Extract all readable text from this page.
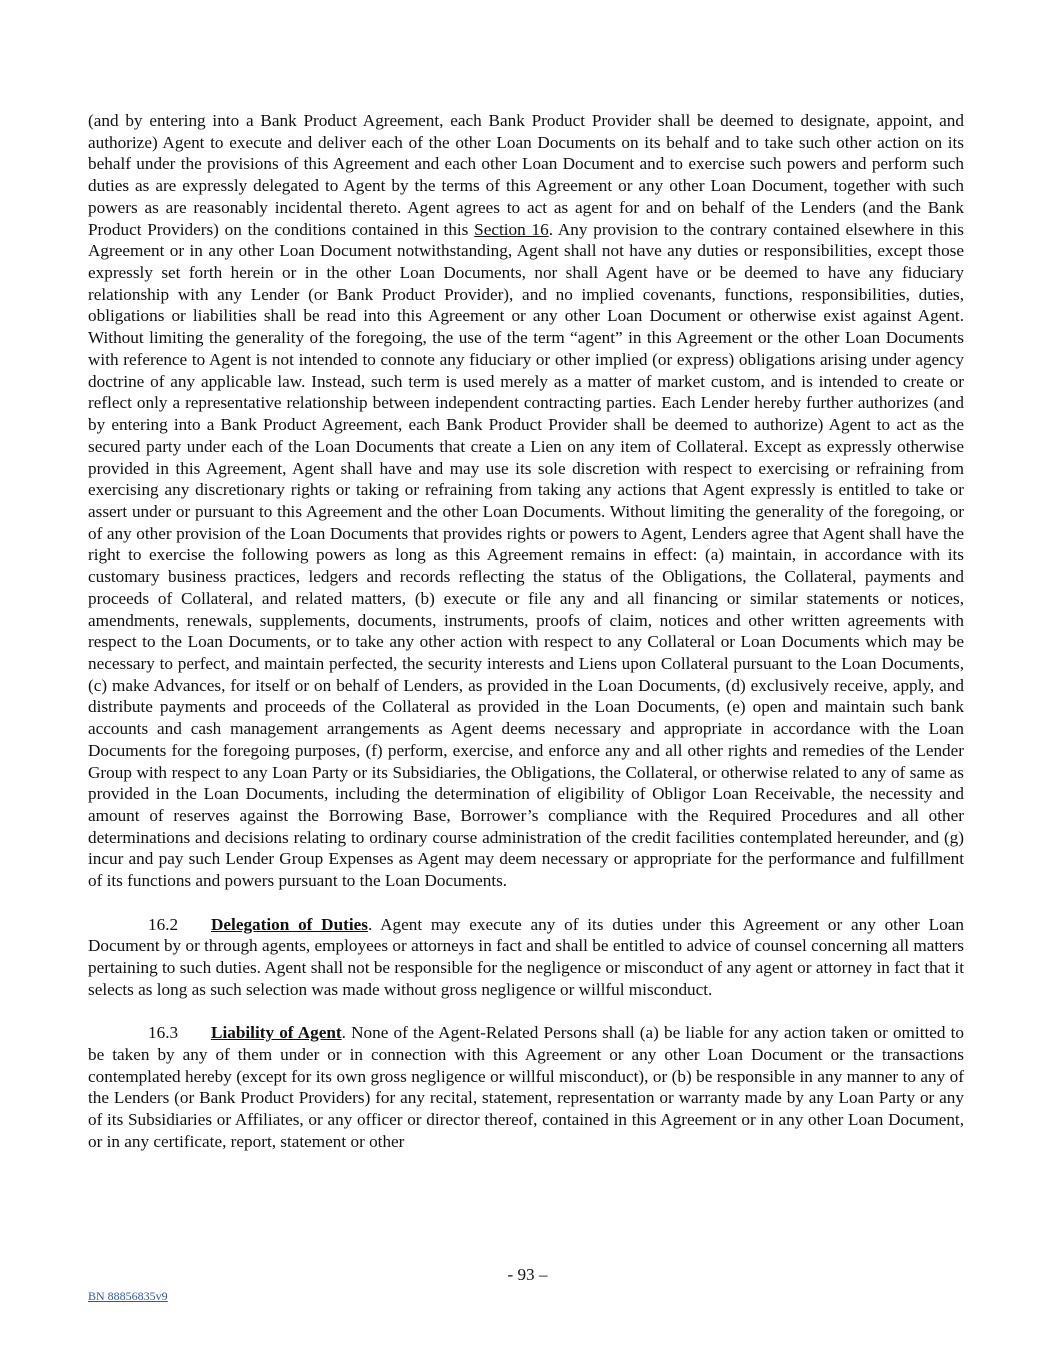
(and by entering into a Bank Product Agreement, each Bank Product Provider shall be deemed to designate, appoint, and authorize) Agent to execute and deliver each of the other Loan Documents on its behalf and to take such other action on its behalf under the provisions of this Agreement and each other Loan Document and to exercise such powers and perform such duties as are expressly delegated to Agent by the terms of this Agreement or any other Loan Document, together with such powers as are reasonably incidental thereto. Agent agrees to act as agent for and on behalf of the Lenders (and the Bank Product Providers) on the conditions contained in this Section 16. Any provision to the contrary contained elsewhere in this Agreement or in any other Loan Document notwithstanding, Agent shall not have any duties or responsibilities, except those expressly set forth herein or in the other Loan Documents, nor shall Agent have or be deemed to have any fiduciary relationship with any Lender (or Bank Product Provider), and no implied covenants, functions, responsibilities, duties, obligations or liabilities shall be read into this Agreement or any other Loan Document or otherwise exist against Agent. Without limiting the generality of the foregoing, the use of the term “agent” in this Agreement or the other Loan Documents with reference to Agent is not intended to connote any fiduciary or other implied (or express) obligations arising under agency doctrine of any applicable law. Instead, such term is used merely as a matter of market custom, and is intended to create or reflect only a representative relationship between independent contracting parties. Each Lender hereby further authorizes (and by entering into a Bank Product Agreement, each Bank Product Provider shall be deemed to authorize) Agent to act as the secured party under each of the Loan Documents that create a Lien on any item of Collateral. Except as expressly otherwise provided in this Agreement, Agent shall have and may use its sole discretion with respect to exercising or refraining from exercising any discretionary rights or taking or refraining from taking any actions that Agent expressly is entitled to take or assert under or pursuant to this Agreement and the other Loan Documents. Without limiting the generality of the foregoing, or of any other provision of the Loan Documents that provides rights or powers to Agent, Lenders agree that Agent shall have the right to exercise the following powers as long as this Agreement remains in effect: (a) maintain, in accordance with its customary business practices, ledgers and records reflecting the status of the Obligations, the Collateral, payments and proceeds of Collateral, and related matters, (b) execute or file any and all financing or similar statements or notices, amendments, renewals, supplements, documents, instruments, proofs of claim, notices and other written agreements with respect to the Loan Documents, or to take any other action with respect to any Collateral or Loan Documents which may be necessary to perfect, and maintain perfected, the security interests and Liens upon Collateral pursuant to the Loan Documents, (c) make Advances, for itself or on behalf of Lenders, as provided in the Loan Documents, (d) exclusively receive, apply, and distribute payments and proceeds of the Collateral as provided in the Loan Documents, (e) open and maintain such bank accounts and cash management arrangements as Agent deems necessary and appropriate in accordance with the Loan Documents for the foregoing purposes, (f) perform, exercise, and enforce any and all other rights and remedies of the Lender Group with respect to any Loan Party or its Subsidiaries, the Obligations, the Collateral, or otherwise related to any of same as provided in the Loan Documents, including the determination of eligibility of Obligor Loan Receivable, the necessity and amount of reserves against the Borrowing Base, Borrower’s compliance with the Required Procedures and all other determinations and decisions relating to ordinary course administration of the credit facilities contemplated hereunder, and (g) incur and pay such Lender Group Expenses as Agent may deem necessary or appropriate for the performance and fulfillment of its functions and powers pursuant to the Loan Documents.

16.2 Delegation of Duties. Agent may execute any of its duties under this Agreement or any other Loan Document by or through agents, employees or attorneys in fact and shall be entitled to advice of counsel concerning all matters pertaining to such duties. Agent shall not be responsible for the negligence or misconduct of any agent or attorney in fact that it selects as long as such selection was made without gross negligence or willful misconduct.

16.3 Liability of Agent. None of the Agent-Related Persons shall (a) be liable for any action taken or omitted to be taken by any of them under or in connection with this Agreement or any other Loan Document or the transactions contemplated hereby (except for its own gross negligence or willful misconduct), or (b) be responsible in any manner to any of the Lenders (or Bank Product Providers) for any recital, statement, representation or warranty made by any Loan Party or any of its Subsidiaries or Affiliates, or any officer or director thereof, contained in this Agreement or in any other Loan Document, or in any certificate, report, statement or other

- 93 –
BN 88856835v9
